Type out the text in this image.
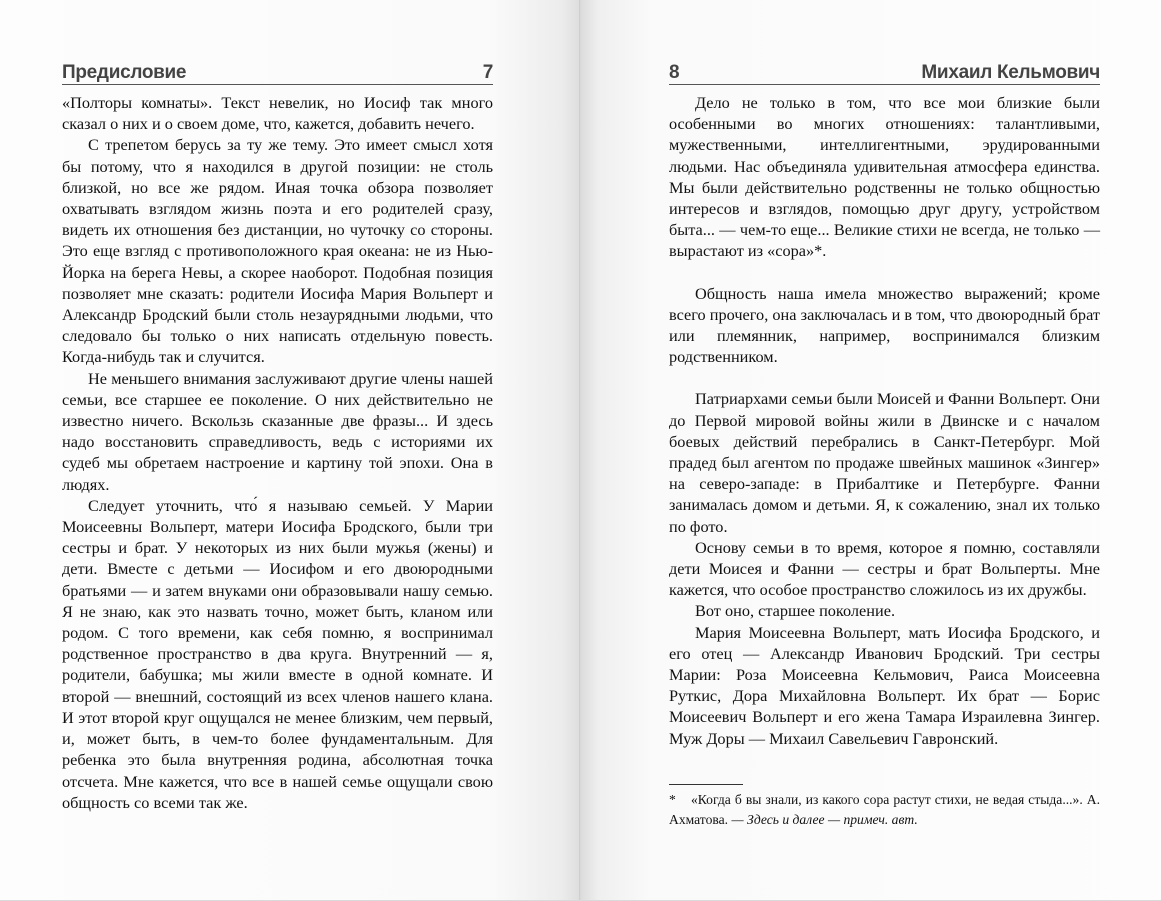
Предисловие	7

«Полторы комнаты». Текст невелик, но Иосиф так много сказал о них и о своем доме, что, кажется, добавить нечего.

С трепетом берусь за ту же тему. Это имеет смысл хотя бы потому, что я находился в другой позиции: не столь близкой, но все же рядом. Иная точка обзора позволяет охватывать взглядом жизнь поэта и его родителей сразу, видеть их отношения без дистанции, но чуточку со стороны. Это еще взгляд с противоположного края океана: не из Нью-Йорка на берега Невы, а скорее наоборот. Подобная позиция позволяет мне сказать: родители Иосифа Мария Вольперт и Александр Бродский были столь незаурядными людьми, что следовало бы только о них написать отдельную повесть. Когда-нибудь так и случится.

Не меньшего внимания заслуживают другие члены нашей семьи, все старшее ее поколение. О них действительно не известно ничего. Вскользь сказанные две фразы... И здесь надо восстановить справедливость, ведь с историями их судеб мы обретаем настроение и картину той эпохи. Она в людях.

Следует уточнить, что́ я называю семьей. У Марии Моисеевны Вольперт, матери Иосифа Бродского, были три сестры и брат. У некоторых из них были мужья (жены) и дети. Вместе с детьми — Иосифом и его двоюродными братьями — и затем внуками они образовывали нашу семью. Я не знаю, как это назвать точно, может быть, кланом или родом. С того времени, как себя помню, я воспринимал родственное пространство в два круга. Внутренний — я, родители, бабушка; мы жили вместе в одной комнате. И второй — внешний, состоящий из всех членов нашего клана. И этот второй круг ощущался не менее близким, чем первый, и, может быть, в чем-то более фундаментальным. Для ребенка это была внутренняя родина, абсолютная точка отсчета. Мне кажется, что все в нашей семье ощущали свою общность со всеми так же.

8	Михаил Кельмович

Дело не только в том, что все мои близкие были особенными во многих отношениях: талантливыми, мужественными, интеллигентными, эрудированными людьми. Нас объединяла удивительная атмосфера единства. Мы были действительно родственны не только общностью интересов и взглядов, помощью друг другу, устройством быта... — чем-то еще... Великие стихи не всегда, не только — вырастают из «сора»*.

Общность наша имела множество выражений; кроме всего прочего, она заключалась и в том, что двоюродный брат или племянник, например, воспринимался близким родственником.

Патриархами семьи были Моисей и Фанни Вольперт. Они до Первой мировой войны жили в Двинске и с началом боевых действий перебрались в Санкт-Петербург. Мой прадед был агентом по продаже швейных машинок «Зингер» на северо-западе: в Прибалтике и Петербурге. Фанни занималась домом и детьми. Я, к сожалению, знал их только по фото.

Основу семьи в то время, которое я помню, составляли дети Моисея и Фанни — сестры и брат Вольперты. Мне кажется, что особое пространство сложилось из их дружбы.

Вот оно, старшее поколение.

Мария Моисеевна Вольперт, мать Иосифа Бродского, и его отец — Александр Иванович Бродский. Три сестры Марии: Роза Моисеевна Кельмович, Раиса Моисеевна Руткис, Дора Михайловна Вольперт. Их брат — Борис Моисеевич Вольперт и его жена Тамара Израилевна Зингер. Муж Доры — Михаил Савельевич Гавронский.

* «Когда б вы знали, из какого сора растут стихи, не ведая стыда...». А. Ахматова. — Здесь и далее — примеч. авт.
